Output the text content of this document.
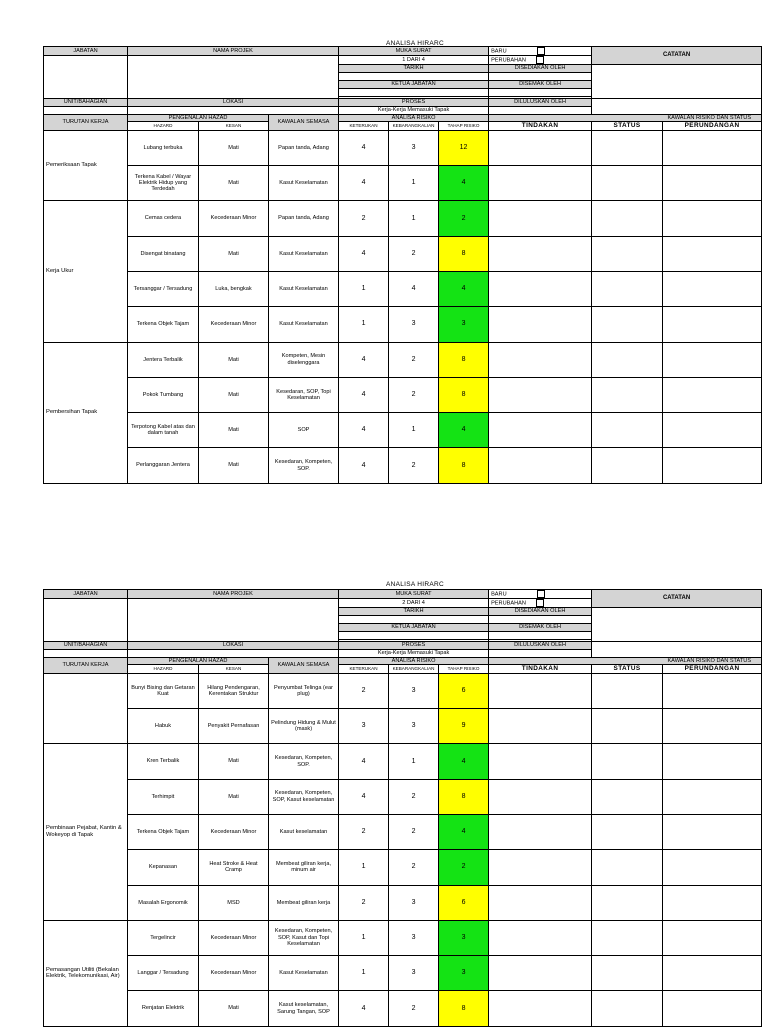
ANALISA HIRARC
JABATAN	NAMA PROJEK			MUKA SURAT			BARU	CATATAN	
				1 DARI 4			PERUBAHAN		
				TARIKH			DISEDIAKAN OLEH		

				KETUA JABATAN			DISEMAK OLEH		

UNIT/BAHAGIAN	LOKASI			PROSES			DILULUSKAN OLEH		
				Kerja-Kerja Memasuki Tapak					
TURUTAN KERJA	PENGENALAN HAZAD		KAWALAN SEMASA	ANALISA RISIKO			KAWALAN RISIKO DAN STATUS		
	HAZARD	KESAN		KETERUKAN	KEBARANGKALIAN	TAHAP RISIKO	TINDAKAN	STATUS	PERUNDANGAN
Pemeriksaan Tapak	Lubang terbuka	Mati	Papan tanda, Adang	4	3	12			
	Terkena Kabel / Wayar Elektrik Hidup yang Terdedah	Mati	Kasut Keselamatan	4	1	4			
Kerja Ukur	Cemas cedera	Kecederaan Minor	Papan tanda, Adang	2	1	2			
	Disengat binatang	Mati	Kasut Keselamatan	4	2	8			
	Tersanggar / Tersadung	Luka, bengkak	Kasut Keselamatan	1	4	4			
	Terkena Objek Tajam	Kecederaan Minor	Kasut Keselamatan	1	3	3			
Pembersihan Tapak	Jentera Terbalik	Mati	Kompeten, Mesin diselenggara	4	2	8			
	Pokok Tumbang	Mati	Kesedaran, SOP, Topi Keselamatan	4	2	8			
	Terpotong Kabel atas dan dalam tanah	Mati	SOP	4	1	4			
	Perlanggaran Jentera	Mati	Kesedaran, Kompeten, SOP.	4	2	8			
ANALISA HIRARC
JABATAN	NAMA PROJEK			MUKA SURAT			BARU	CATATAN	
				2 DARI 4			PERUBAHAN		
				TARIKH			DISEDIAKAN OLEH		

				KETUA JABATAN			DISEMAK OLEH		

UNIT/BAHAGIAN	LOKASI			PROSES			DILULUSKAN OLEH		
				Kerja-Kerja Memasuki Tapak					
TURUTAN KERJA	PENGENALAN HAZAD		KAWALAN SEMASA	ANALISA RISIKO			KAWALAN RISIKO DAN STATUS		
	HAZARD	KESAN		KETERUKAN	KEBARANGKALIAN	TAHAP RISIKO	TINDAKAN	STATUS	PERUNDANGAN
	Bunyi Bising dan Getaran Kuat	Hilang Pendengaran, Kerentakan Struktur	Penyumbat Telinga (ear plug)	2	3	6			
	Habuk	Penyakit Pernafasan	Pelindung Hidung & Mulut (mask)	3	3	9			
Pembinaan Pejabat, Kantin & Wokeyop di Tapak	Kren Terbalik	Mati	Kesedaran, Kompeten, SOP.	4	1	4			
	Terhimpit	Mati	Kesedaran, Kompeten, SOP, Kasut keselamatan	4	2	8			
	Terkena Objek Tajam	Kecederaan Minor	Kasut keselamatan	2	2	4			
	Kepanasan	Heat Stroke & Heat Cramp	Membeat giliran kerja, minum air	1	2	2			
	Masalah Ergonomik	MSD	Membeat giliran kerja	2	3	6			
Pemasangan Utiliti (Bekalan Elektrik, Telekomunikasi, Air)	Tergelincir	Kecederaan Minor	Kesedaran, Kompeten, SOP, Kasut dan Topi Keselamatan	1	3	3			
	Langgar / Tersadung	Kecederaan Minor	Kasut Keselamatan	1	3	3			
	Renjatan Elektrik	Mati	Kasut keselamatan, Sarung Tangan, SOP	4	2	8			
